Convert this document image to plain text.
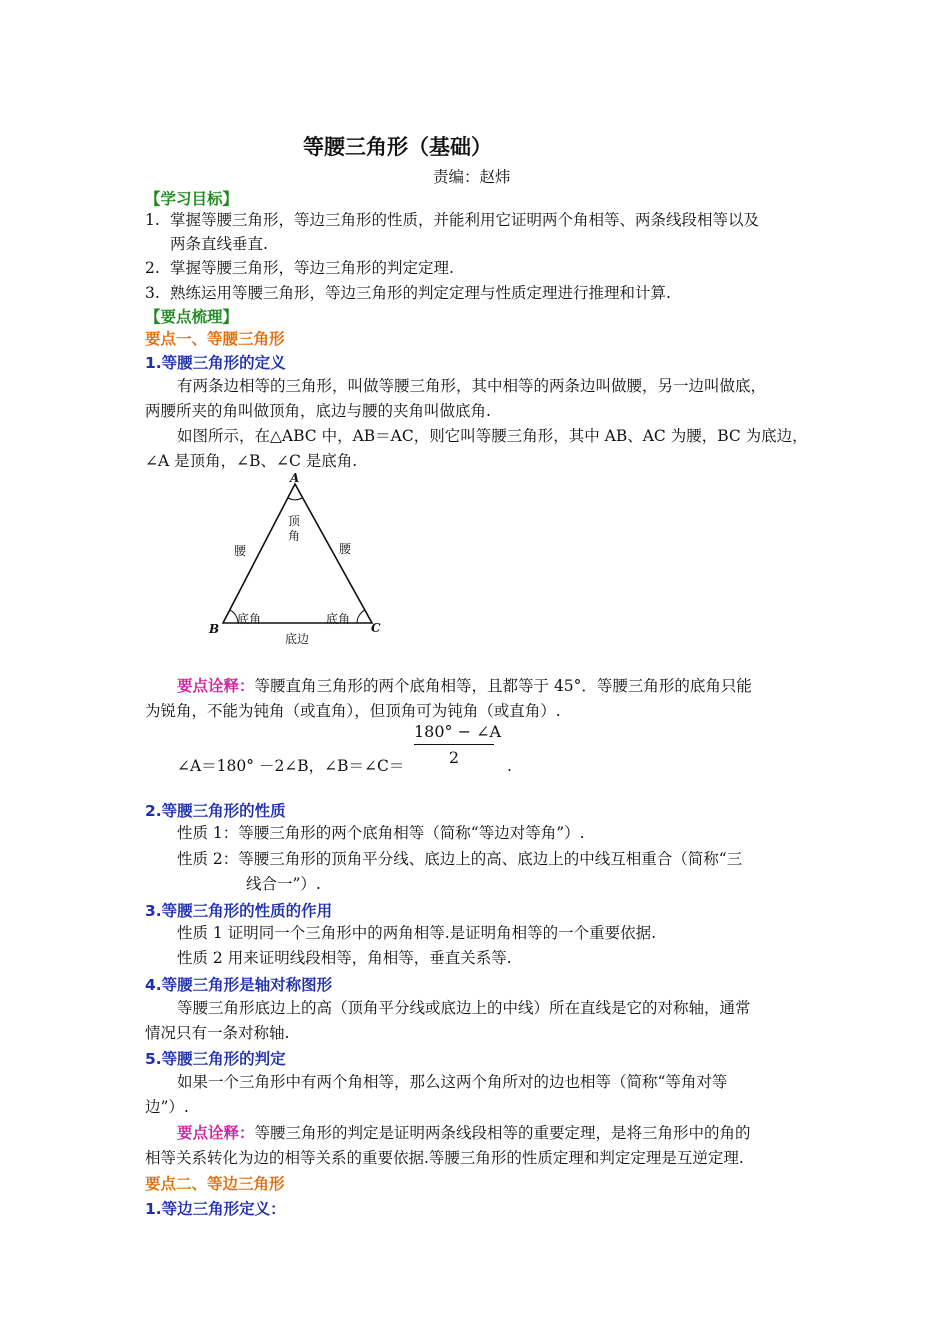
等腰三角形（基础）
责编：赵炜
【学习目标】
1. 掌握等腰三角形，等边三角形的性质，并能利用它证明两个角相等、两条线段相等以及
两条直线垂直.
2. 掌握等腰三角形，等边三角形的判定定理.
3. 熟练运用等腰三角形，等边三角形的判定定理与性质定理进行推理和计算.
【要点梳理】
要点一、等腰三角形
1.等腰三角形的定义
有两条边相等的三角形，叫做等腰三角形，其中相等的两条边叫做腰，另一边叫做底，
两腰所夹的角叫做顶角，底边与腰的夹角叫做底角.
如图所示，在△ABC 中，AB＝AC，则它叫等腰三角形，其中 AB、AC 为腰，BC 为底边，
∠A 是顶角，∠B、∠C 是底角.
A
B	C
顶
角
腰	腰
底角	底角
底边
要点诠释：等腰直角三角形的两个底角相等，且都等于 45°．等腰三角形的底角只能
为锐角，不能为钝角（或直角），但顶角可为钝角（或直角）.
∠A＝180° －2∠B，∠B＝∠C＝ $\frac{180^\circ - \angle A}{2}$ .
2.等腰三角形的性质
性质 1：等腰三角形的两个底角相等（简称“等边对等角”）.
性质 2：等腰三角形的顶角平分线、底边上的高、底边上的中线互相重合（简称“三
线合一”）.
3.等腰三角形的性质的作用
性质 1 证明同一个三角形中的两角相等.是证明角相等的一个重要依据.
性质 2 用来证明线段相等，角相等，垂直关系等.
4.等腰三角形是轴对称图形
等腰三角形底边上的高（顶角平分线或底边上的中线）所在直线是它的对称轴，通常
情况只有一条对称轴.
5.等腰三角形的判定
如果一个三角形中有两个角相等，那么这两个角所对的边也相等（简称“等角对等
边”）.
要点诠释：等腰三角形的判定是证明两条线段相等的重要定理，是将三角形中的角的
相等关系转化为边的相等关系的重要依据.等腰三角形的性质定理和判定定理是互逆定理.
要点二、等边三角形
1.等边三角形定义：
